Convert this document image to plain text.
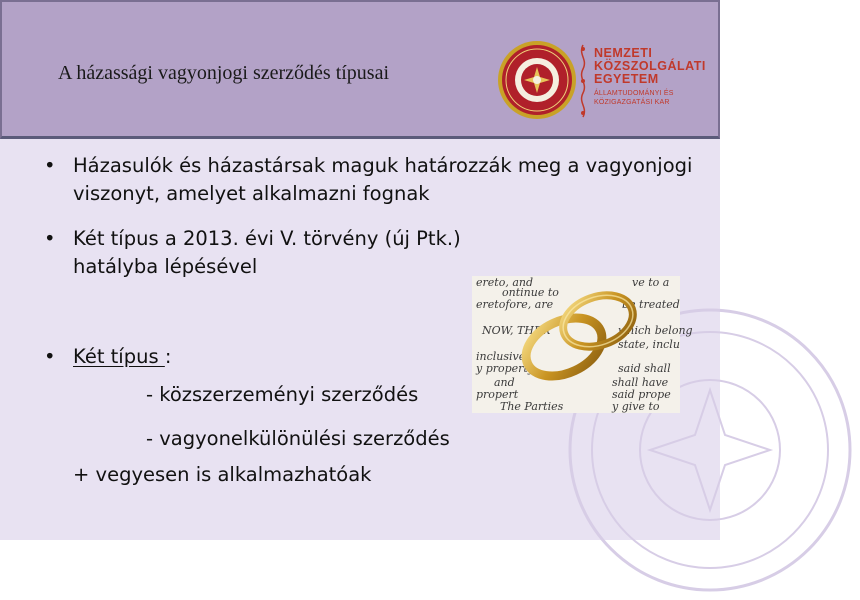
A házassági vagyonjogi szerződés típusai
NEMZETI
KÖZSZOLGÁLATI
EGYETEM
ÁLLAMTUDOMÁNYI ÉS
KÖZIGAZGATÁSI KAR
• Házasulók és házastársak maguk határozzák meg a vagyonjogi viszonyt, amelyet alkalmazni fognak
• Két típus a 2013. évi V. törvény (új Ptk.) hatályba lépésével
• Két típus :
- közszerzeményi szerződés
- vagyonelkülönülési szerződés
+ vegyesen is alkalmazhatóak
ereto, and
ontinue to
eretofore, are
NOW, THER
inclusive
y property
and
propert
The Parties
said prope
shall have
y give to
be treated
which belong
state, inclu
said shall
ve to a
